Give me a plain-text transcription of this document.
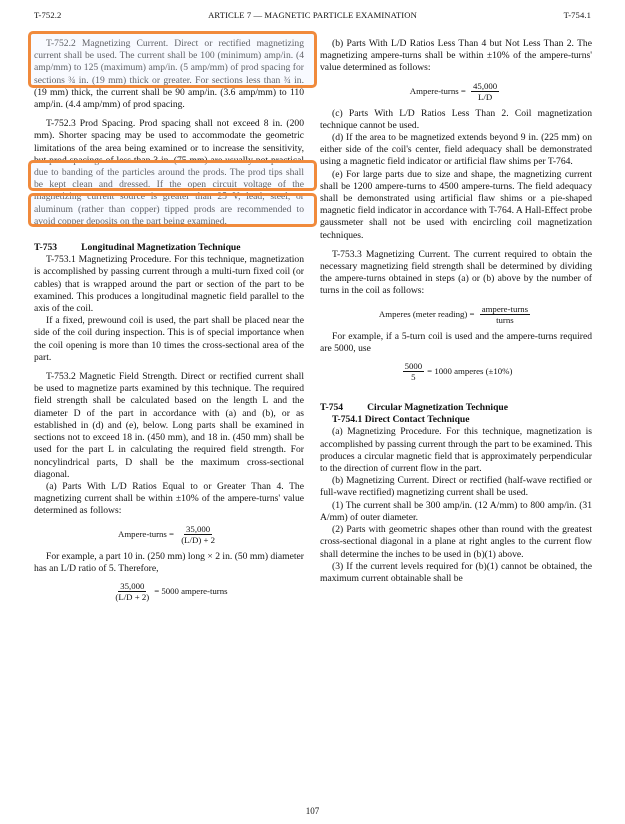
T-752.2	ARTICLE 7 — MAGNETIC PARTICLE EXAMINATION	T-754.1

T-752.2 Magnetizing Current. Direct or rectified magnetizing current shall be used. The current shall be 100 (minimum) amp/in. (4 amp/mm) to 125 (maximum) amp/in. (5 amp/mm) of prod spacing for sections ¾ in. (19 mm) thick or greater. For sections less than ¾ in. (19 mm) thick, the current shall be 90 amp/in. (3.6 amp/mm) to 110 amp/in. (4.4 amp/mm) of prod spacing.

T-752.3 Prod Spacing. Prod spacing shall not exceed 8 in. (200 mm). Shorter spacing may be used to accommodate the geometric limitations of the area being examined or to increase the sensitivity, but prod spacings of less than 3 in. (75 mm) are usually not practical due to banding of the particles around the prods. The prod tips shall be kept clean and dressed. If the open circuit voltage of the magnetizing current source is greater than 25 V, lead, steel, or aluminum (rather than copper) tipped prods are recommended to avoid copper deposits on the part being examined.

T-753	Longitudinal Magnetization Technique

T-753.1 Magnetizing Procedure. For this technique, magnetization is accomplished by passing current through a multi-turn fixed coil (or cables) that is wrapped around the part or section of the part to be examined. This produces a longitudinal magnetic field parallel to the axis of the coil.

If a fixed, prewound coil is used, the part shall be placed near the side of the coil during inspection. This is of special importance when the coil opening is more than 10 times the cross-sectional area of the part.

T-753.2 Magnetic Field Strength. Direct or rectified current shall be used to magnetize parts examined by this technique. The required field strength shall be calculated based on the length L and the diameter D of the part in accordance with (a) and (b), or as established in (d) and (e), below. Long parts shall be examined in sections not to exceed 18 in. (450 mm), and 18 in. (450 mm) shall be used for the part L in calculating the required field strength. For noncylindrical parts, D shall be the maximum cross-sectional diagonal.

(a) Parts With L/D Ratios Equal to or Greater Than 4. The magnetizing current shall be within ±10% of the ampere-turns' value determined as follows:

Ampere-turns = $\frac{35,000}{(L/D) + 2}$

For example, a part 10 in. (250 mm) long × 2 in. (50 mm) diameter has an L/D ratio of 5. Therefore,

$\frac{35,000}{(L/D + 2)} = 5000$ ampere-turns

(b) Parts With L/D Ratios Less Than 4 but Not Less Than 2. The magnetizing ampere-turns shall be within ±10% of the ampere-turns' value determined as follows:

Ampere-turns = $\frac{45,000}{L/D}$

(c) Parts With L/D Ratios Less Than 2. Coil magnetization technique cannot be used.

(d) If the area to be magnetized extends beyond 9 in. (225 mm) on either side of the coil's center, field adequacy shall be demonstrated using a magnetic field indicator or artificial flaw shims per T-764.

(e) For large parts due to size and shape, the magnetizing current shall be 1200 ampere-turns to 4500 ampere-turns. The field adequacy shall be demonstrated using artificial flaw shims or a pie-shaped magnetic field indicator in accordance with T-764. A Hall-Effect probe gaussmeter shall not be used with encircling coil magnetization techniques.

T-753.3 Magnetizing Current. The current required to obtain the necessary magnetizing field strength shall be determined by dividing the ampere-turns obtained in steps (a) or (b) above by the number of turns in the coil as follows:

Amperes (meter reading) = $\frac{\text{ampere-turns}}{\text{turns}}$

For example, if a 5-turn coil is used and the ampere-turns required are 5000, use

$\frac{5000}{5} = 1000$ amperes (±10%)
T-754	Circular Magnetization Technique
T-754.1 Direct Contact Technique

(a) Magnetizing Procedure. For this technique, magnetization is accomplished by passing current through the part to be examined. This produces a circular magnetic field that is approximately perpendicular to the direction of current flow in the part.

(b) Magnetizing Current. Direct or rectified (half-wave rectified or full-wave rectified) magnetizing current shall be used.

(1) The current shall be 300 amp/in. (12 A/mm) to 800 amp/in. (31 A/mm) of outer diameter.

(2) Parts with geometric shapes other than round with the greatest cross-sectional diagonal in a plane at right angles to the current flow shall determine the inches to be used in (b)(1) above.

(3) If the current levels required for (b)(1) cannot be obtained, the maximum current obtainable shall be

107
